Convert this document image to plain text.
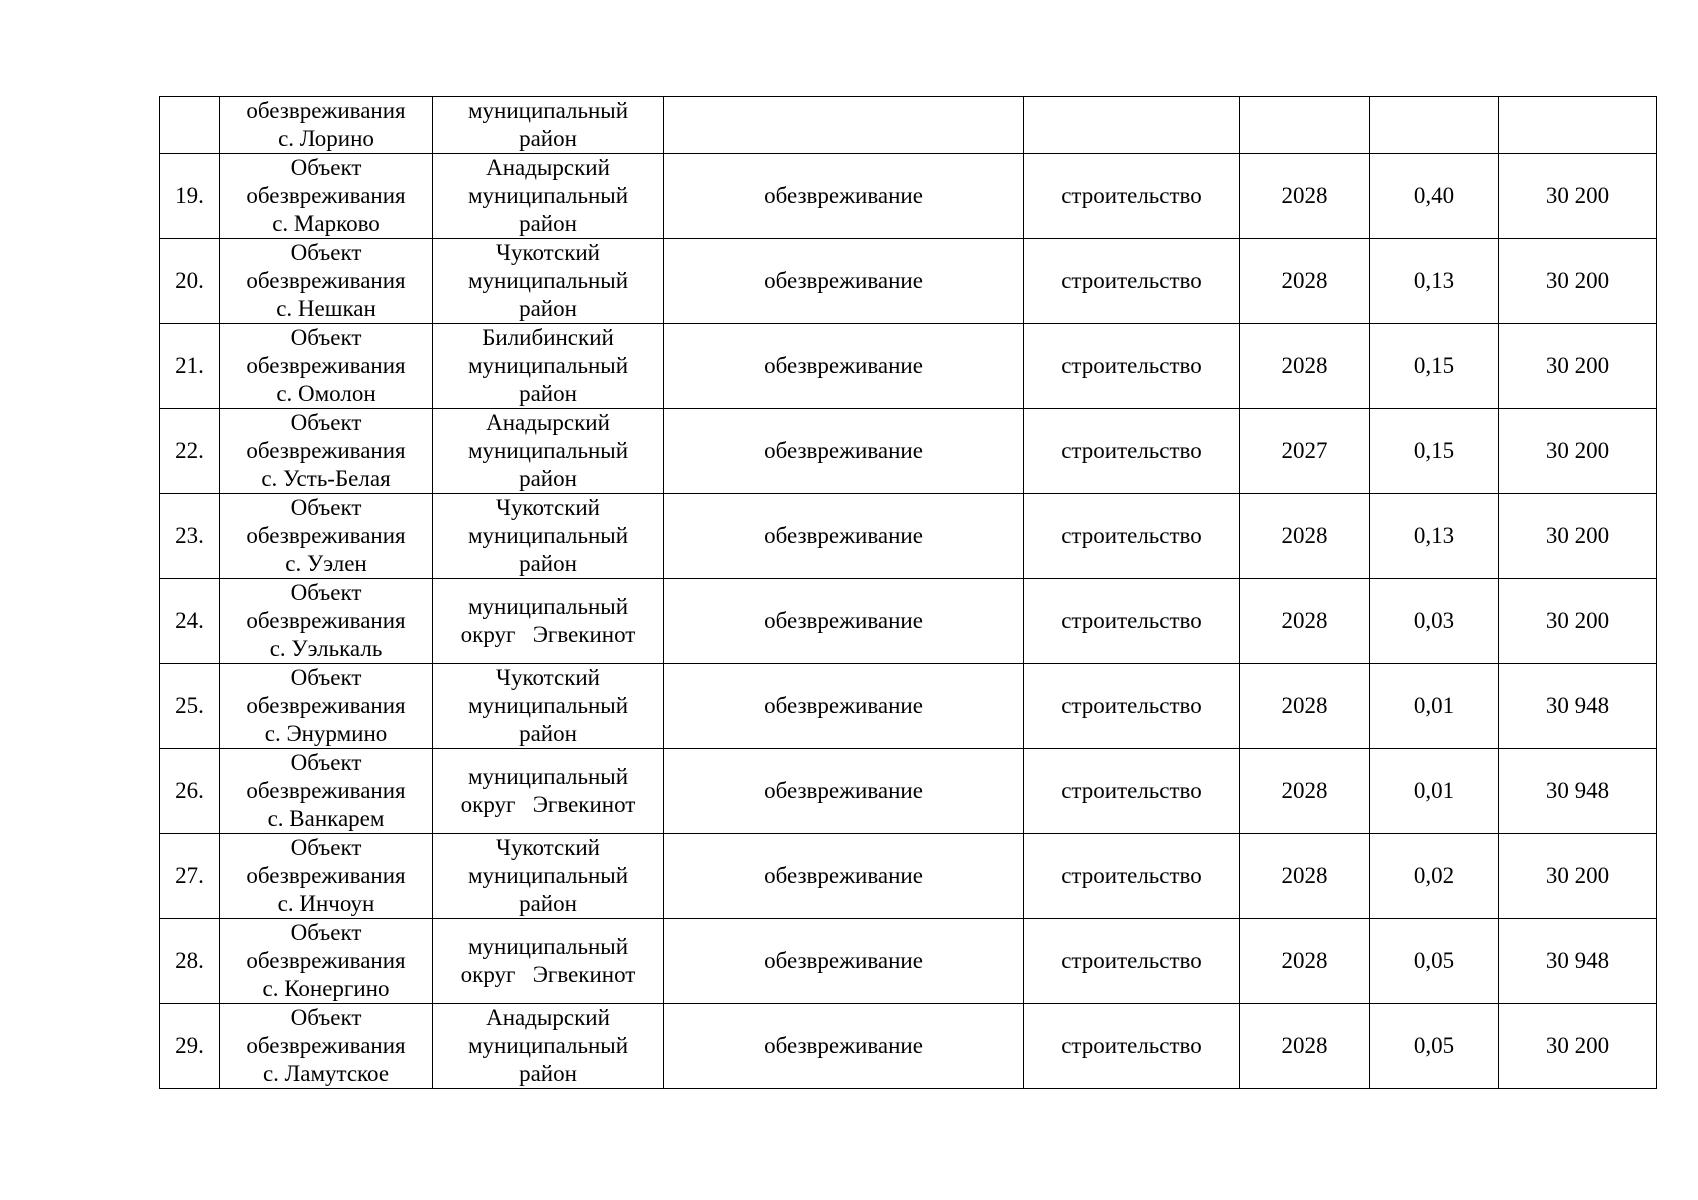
	обезвреживания
с. Лорино	муниципальный
район					

19.	Объект
обезвреживания
с. Марково	Анадырский
муниципальный
район	обезвреживание	строительство	2028	0,40	30 200
20.	Объект
обезвреживания
с. Нешкан	Чукотский
муниципальный
район	обезвреживание	строительство	2028	0,13	30 200
21.	Объект
обезвреживания
с. Омолон	Билибинский
муниципальный
район	обезвреживание	строительство	2028	0,15	30 200
22.	Объект
обезвреживания
с. Усть-Белая	Анадырский
муниципальный
район	обезвреживание	строительство	2027	0,15	30 200
23.	Объект
обезвреживания
с. Уэлен	Чукотский
муниципальный
район	обезвреживание	строительство	2028	0,13	30 200
24.	Объект
обезвреживания
с. Уэлькаль	муниципальный
округ   Эгвекинот	обезвреживание	строительство	2028	0,03	30 200
25.	Объект
обезвреживания
с. Энурмино	Чукотский
муниципальный
район	обезвреживание	строительство	2028	0,01	30 948
26.	Объект
обезвреживания
с. Ванкарем	муниципальный
округ   Эгвекинот	обезвреживание	строительство	2028	0,01	30 948
27.	Объект
обезвреживания
с. Инчоун	Чукотский
муниципальный
район	обезвреживание	строительство	2028	0,02	30 200
28.	Объект
обезвреживания
с. Конергино	муниципальный
округ   Эгвекинот	обезвреживание	строительство	2028	0,05	30 948
29.	Объект
обезвреживания
с. Ламутское	Анадырский
муниципальный
район	обезвреживание	строительство	2028	0,05	30 200
